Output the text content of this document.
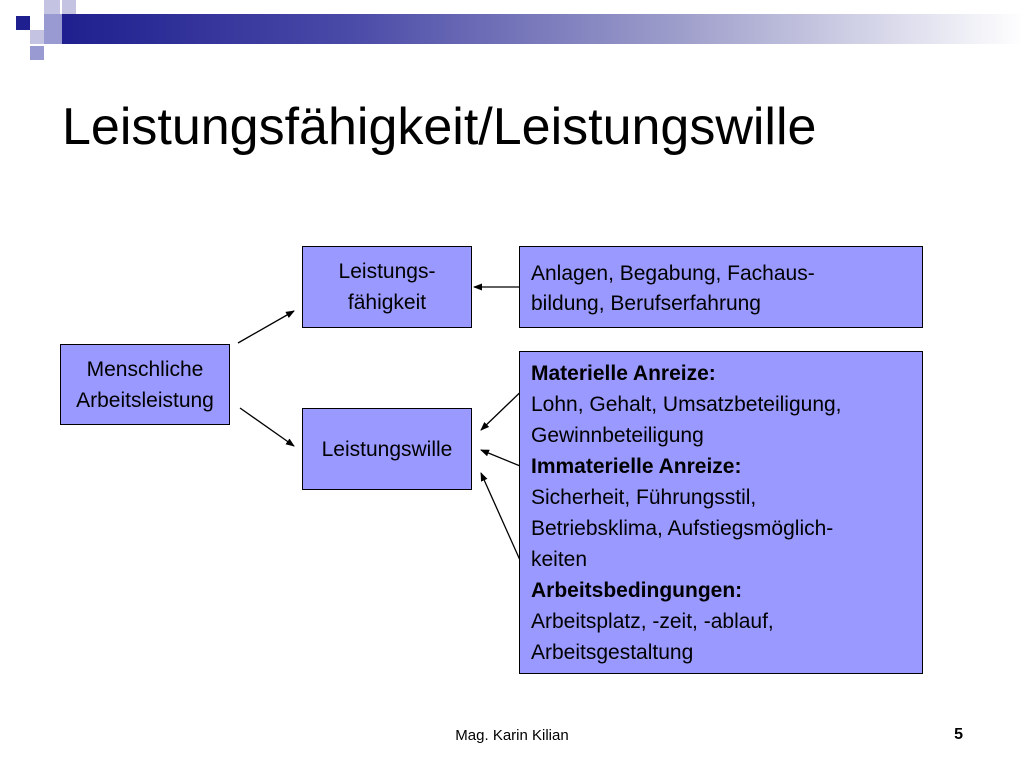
Leistungsfähigkeit/Leistungswille
Menschliche
Arbeitsleistung
Leistungs-
fähigkeit
Leistungswille
Anlagen, Begabung, Fachaus-
bildung, Berufserfahrung
Materielle Anreize:
Lohn, Gehalt, Umsatzbeteiligung,
Gewinnbeteiligung
Immaterielle Anreize:
Sicherheit, Führungsstil,
Betriebsklima, Aufstiegsmöglich-
keiten
Arbeitsbedingungen:
Arbeitsplatz, -zeit, -ablauf,
Arbeitsgestaltung
Mag. Karin Kilian	5
